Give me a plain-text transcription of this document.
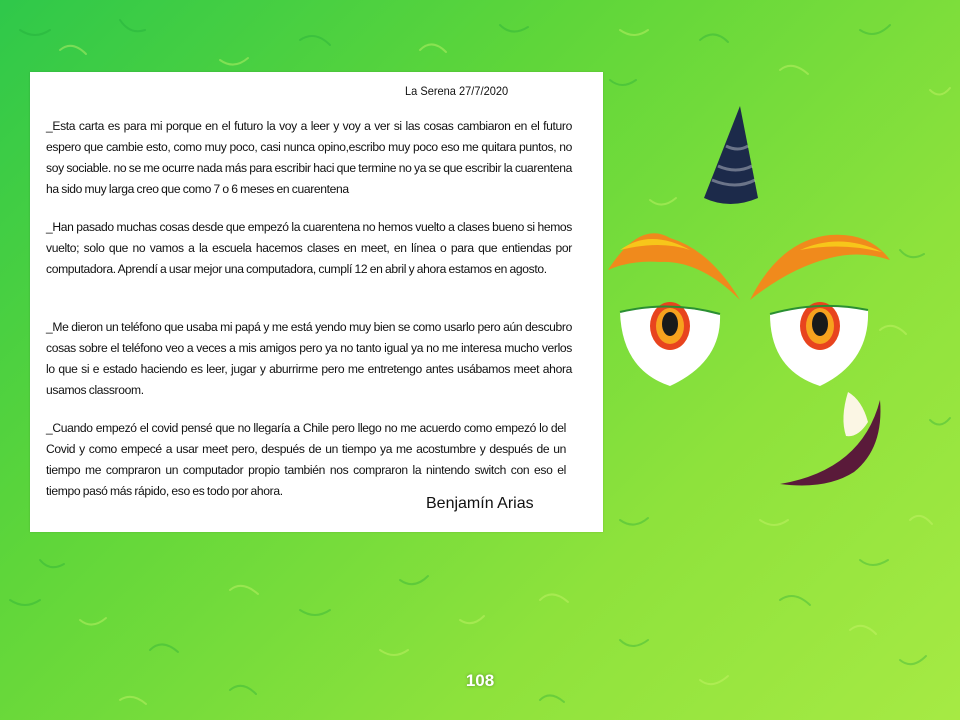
La Serena 27/7/2020
_Esta carta es para mi porque en el futuro la voy a leer y voy a ver si las cosas cambiaron en el futuro espero que cambie esto, como muy poco, casi nunca opino,escribo muy poco eso me quitara puntos, no soy sociable. no se me ocurre nada más para escribir haci que termine no ya se que escribir la cuarentena ha sido muy larga creo que como 7 o 6 meses en cuarentena
_Han pasado muchas cosas desde que empezó la cuarentena no hemos vuelto a clases bueno si hemos vuelto; solo que no vamos a la escuela hacemos clases en meet, en línea o para que entiendas por computadora. Aprendí a usar mejor una computadora, cumplí 12 en abril y ahora estamos en agosto.
_Me dieron un teléfono que usaba mi papá y me está yendo muy bien se como usarlo pero aún descubro cosas sobre el teléfono veo a veces a mis amigos pero ya no tanto igual ya no me interesa mucho verlos lo que si e estado haciendo es leer, jugar y aburrirme pero me entretengo antes usábamos meet ahora usamos classroom.
_Cuando empezó el covid pensé que no llegaría a Chile pero llego no me acuerdo como empezó lo del Covid y como empecé a usar meet pero, después de un tiempo ya me acostumbre y después de un tiempo me compraron un computador propio también nos compraron la nintendo switch con eso el tiempo pasó más rápido, eso es todo por ahora.
Benjamín Arias
108
